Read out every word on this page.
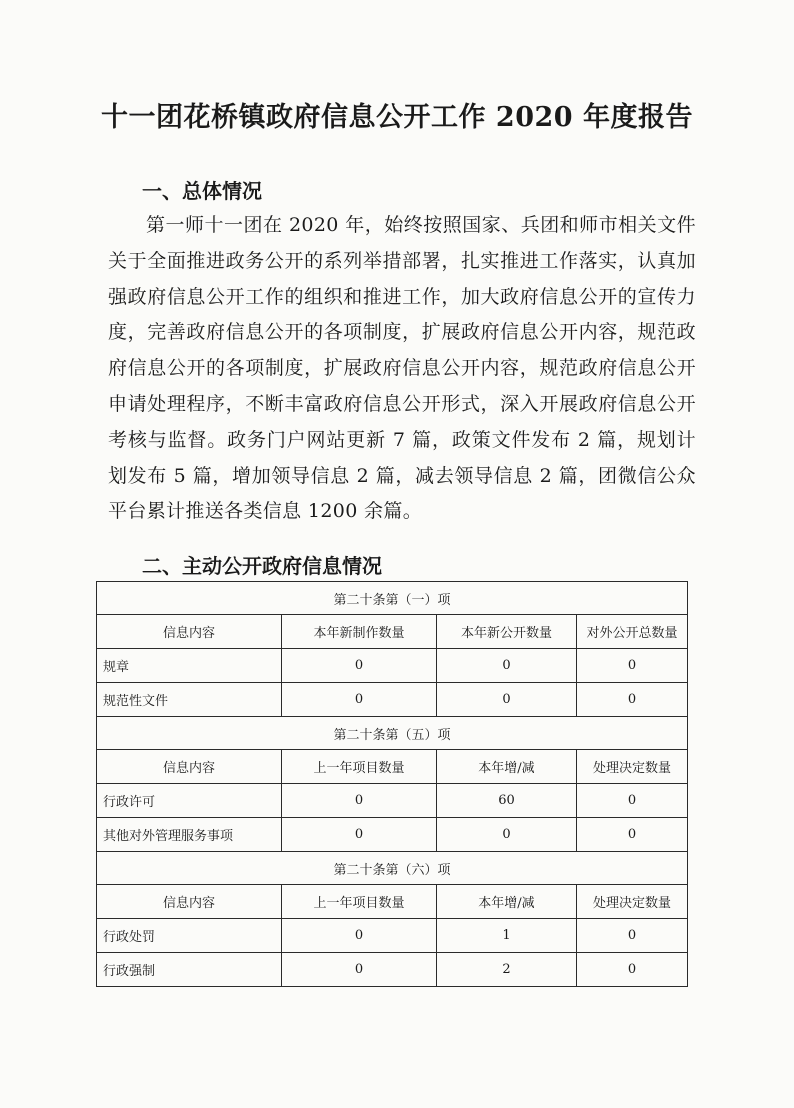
十一团花桥镇政府信息公开工作 2020 年度报告
一、总体情况

第一师十一团在 2020 年，始终按照国家、兵团和师市相关文件关于全面推进政务公开的系列举措部署，扎实推进工作落实，认真加强政府信息公开工作的组织和推进工作，加大政府信息公开的宣传力度，完善政府信息公开的各项制度，扩展政府信息公开内容，规范政府信息公开的各项制度，扩展政府信息公开内容，规范政府信息公开申请处理程序，不断丰富政府信息公开形式，深入开展政府信息公开考核与监督。政务门户网站更新 7 篇，政策文件发布 2 篇，规划计划发布 5 篇，增加领导信息 2 篇，减去领导信息 2 篇，团微信公众平台累计推送各类信息 1200 余篇。

二、主动公开政府信息情况
第二十条第（一）项			
信息内容	本年新制作数量	本年新公开数量	对外公开总数量
规章	0	0	0
规范性文件	0	0	0
第二十条第（五）项			
信息内容	上一年项目数量	本年增/减	处理决定数量
行政许可	0	60	0
其他对外管理服务事项	0	0	0
第二十条第（六）项			
信息内容	上一年项目数量	本年增/减	处理决定数量
行政处罚	0	1	0
行政强制	0	2	0
